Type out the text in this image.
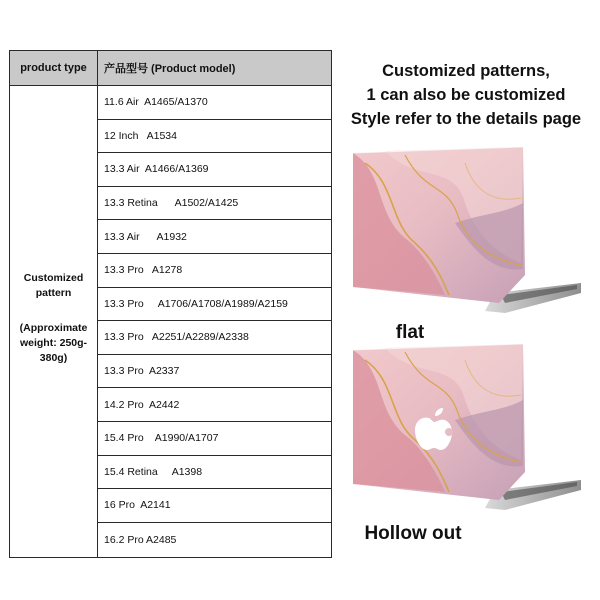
product type	产品型号 (Product model)
Customized
pattern
(Approximate
weight: 250g-
380g)
11.6 Air  A1465/A1370
12 Inch   A1534
13.3 Air  A1466/A1369
13.3 Retina      A1502/A1425
13.3 Air      A1932
13.3 Pro   A1278
13.3 Pro     A1706/A1708/A1989/A2159
13.3 Pro   A2251/A2289/A2338
13.3 Pro  A2337
14.2 Pro  A2442
15.4 Pro    A1990/A1707
15.4 Retina     A1398
16 Pro  A2141
16.2 Pro A2485
Customized patterns,
1 can also be customized
Style refer to the details page
flat
Hollow out
